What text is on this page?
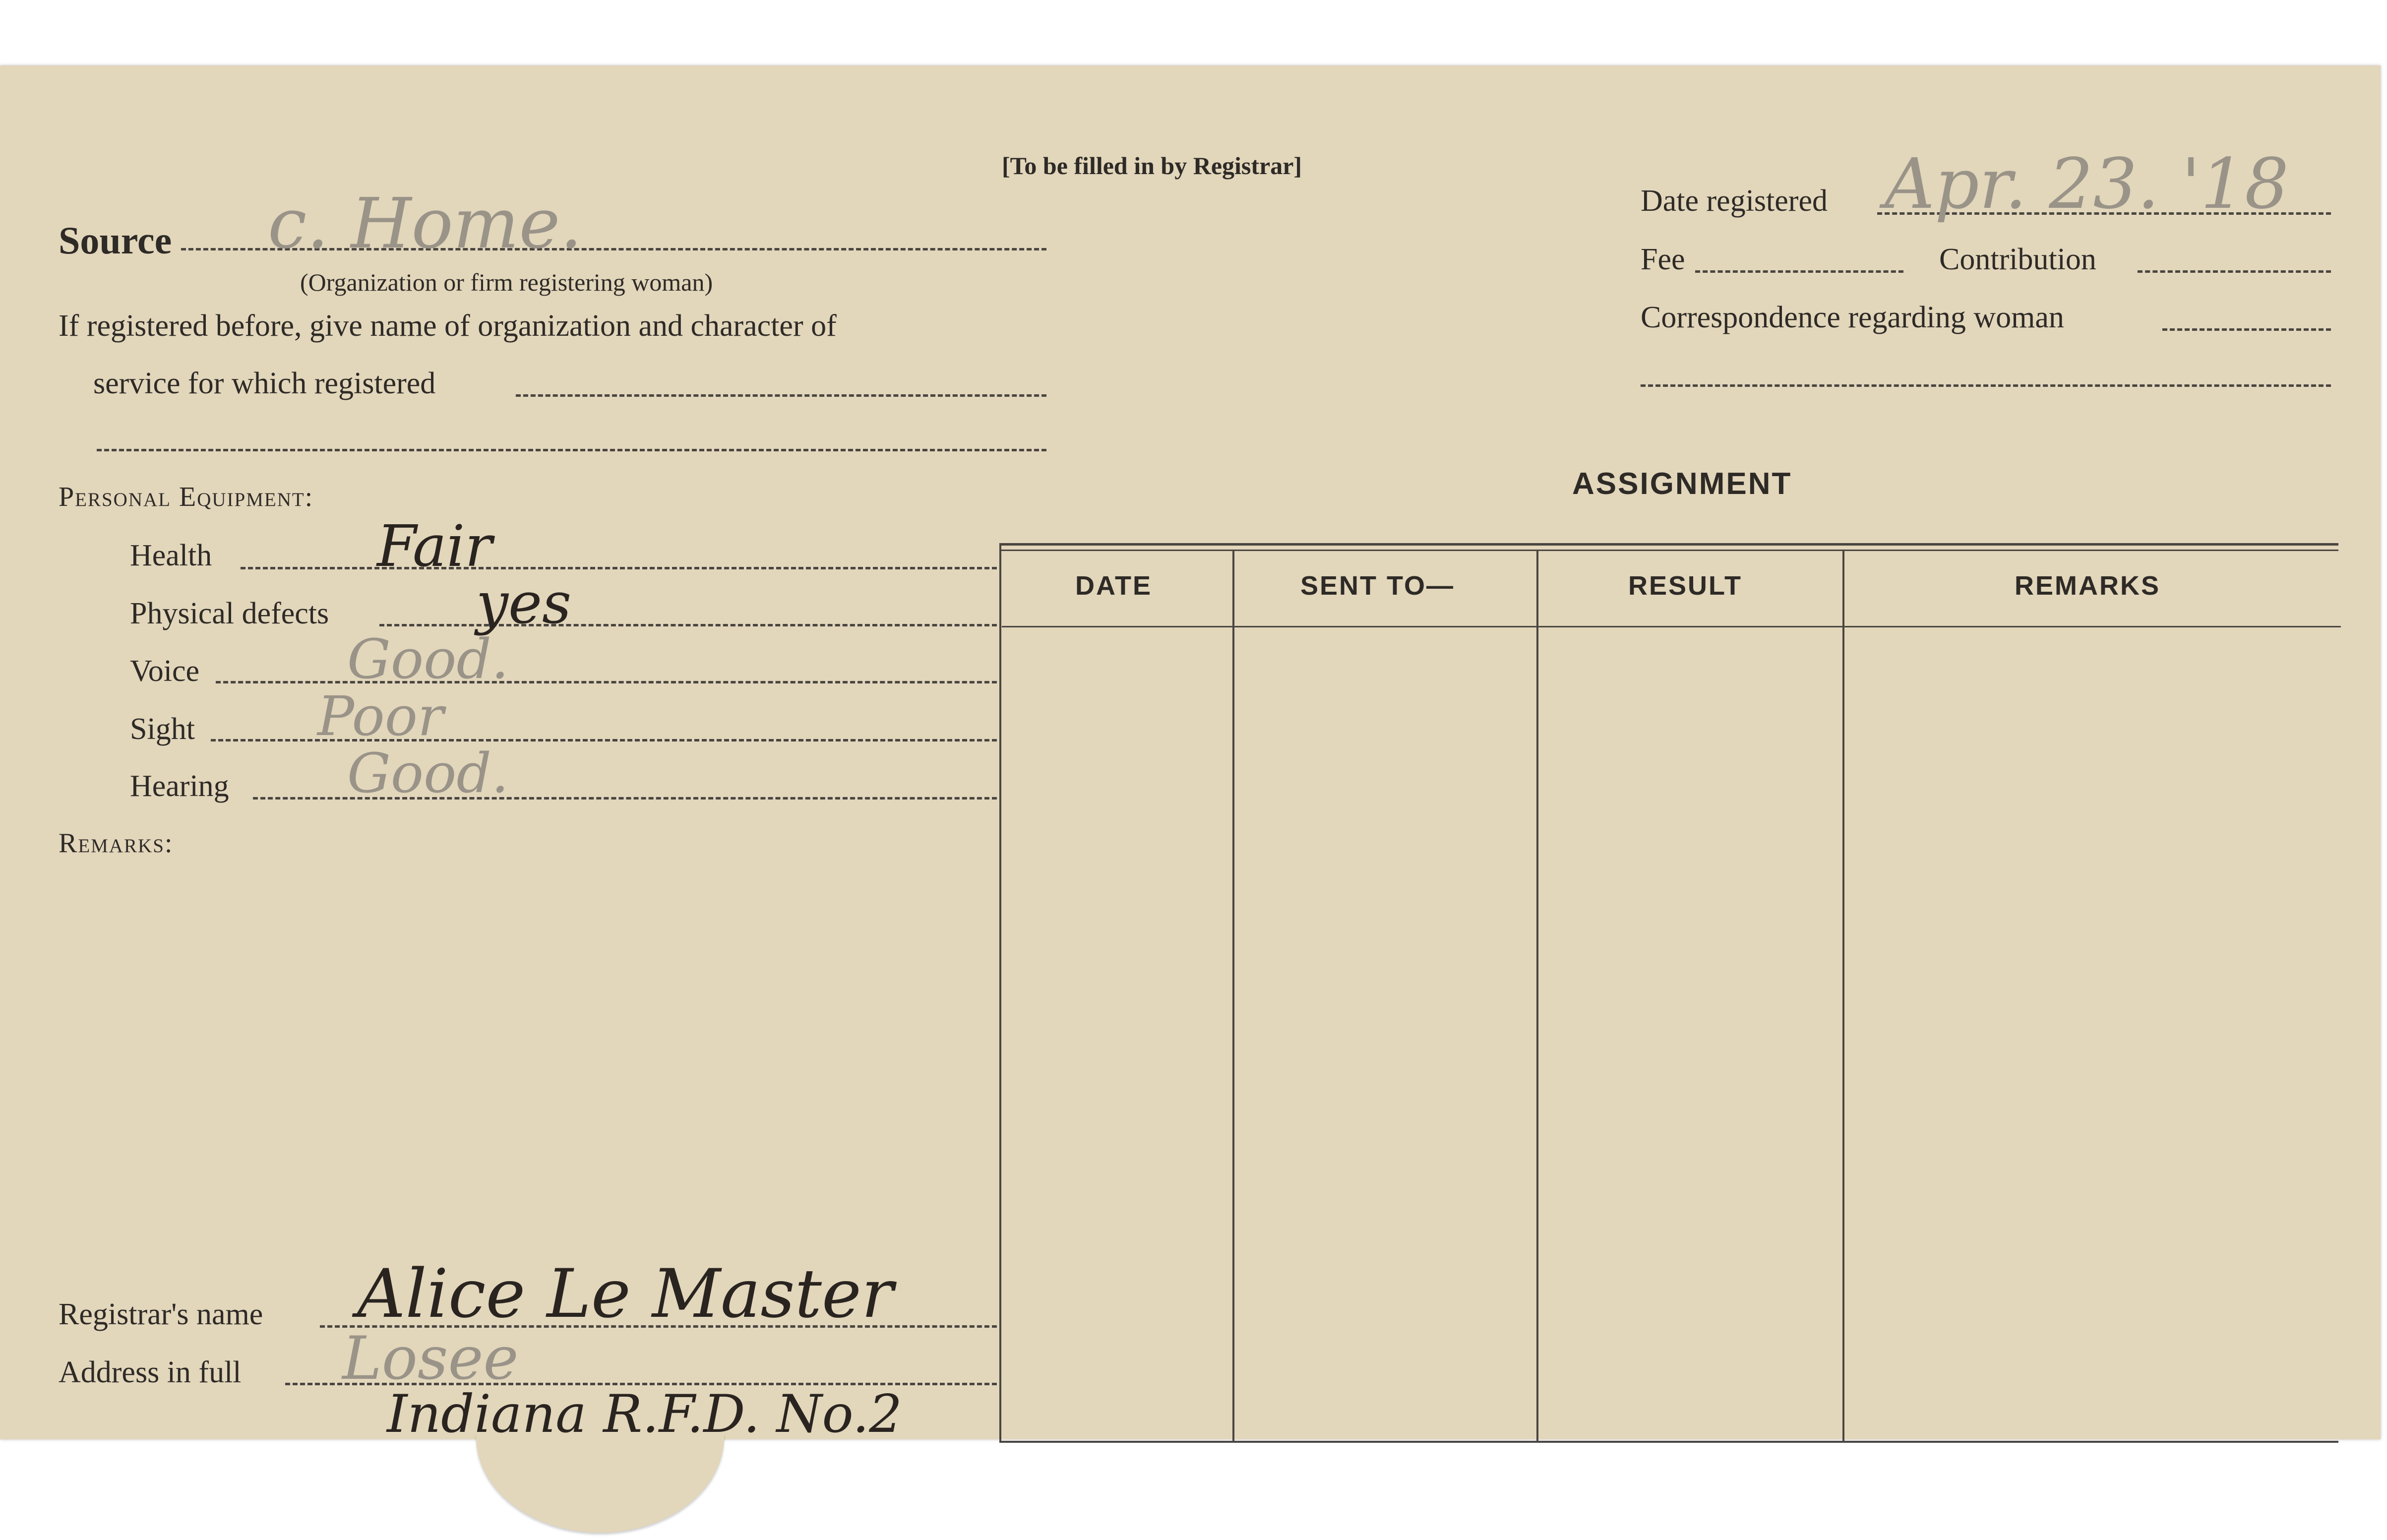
[To be filled in by Registrar]
Source c. Home.
(Organization or firm registering woman)
If registered before, give name of organization and character of
service for which registered
Personal Equipment:
Health	Fair
Physical defects	yes
Voice	Good.
Sight Poor
Hearing Good.
Remarks:
Registrar's name Alice Le Master
Address in full Losee
Indiana R.F.D. No.2
Date registered Apr. 23. '18
Fee	Contribution
Correspondence regarding woman
ASSIGNMENT
DATE	SENT TO—	RESULT	REMARKS
